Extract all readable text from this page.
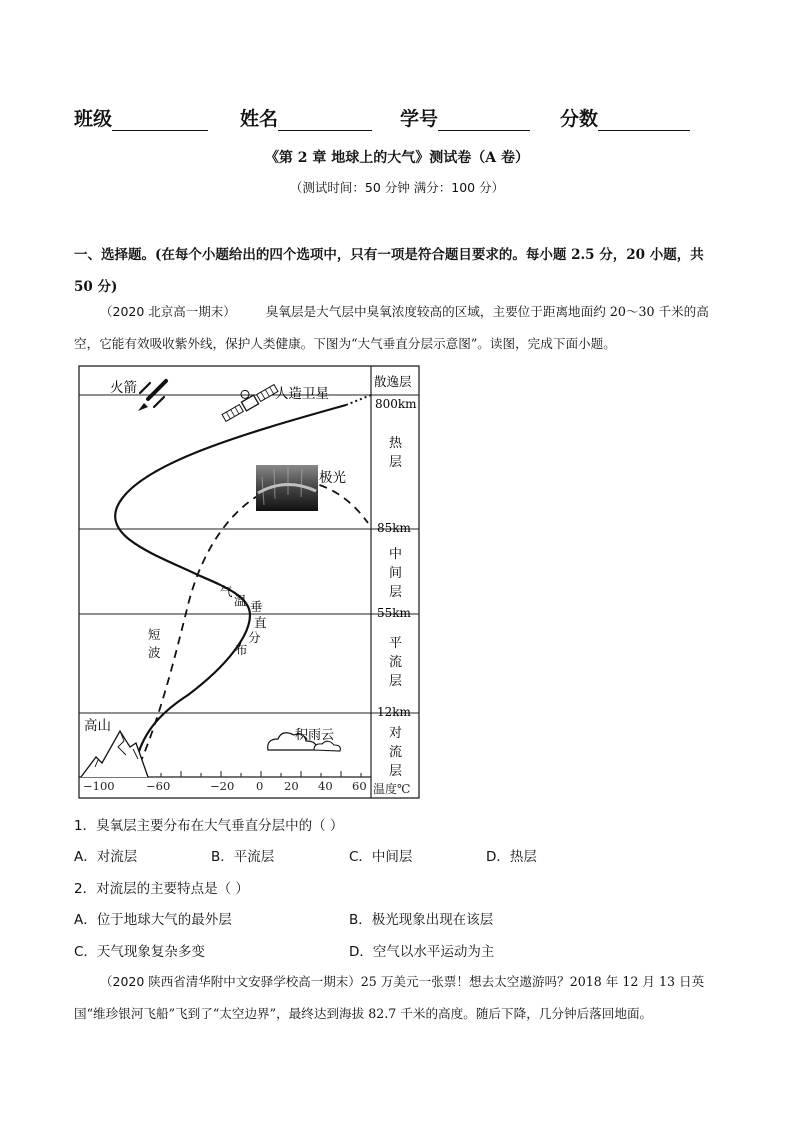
班级	姓名	学号	分数
《第 2 章 地球上的大气》测试卷（A 卷）
（测试时间：50 分钟 满分：100 分）
一、选择题。(在每个小题给出的四个选项中，只有一项是符合题目要求的。每小题 2.5 分，20 小题，共 50 分)
（2020 北京高一期末） 臭氧层是大气层中臭氧浓度较高的区域，主要位于距离地面约 20～30 千米的高空，它能有效吸收紫外线，保护人类健康。下图为“大气垂直分层示意图”。读图，完成下面小题。
−100	−60	−20 0 20 40 60 温度℃
散逸层
800km
热
层
85km
中
间
层
55km
平
流
层
12km
对
流
层
气
温 垂
直
分
布
短
波
火箭	人造卫星
极光
高山
积雨云
1．臭氧层主要分布在大气垂直分层中的（ ）
A．对流层	B．平流层	C．中间层	D．热层
2．对流层的主要特点是（ ）
A．位于地球大气的最外层	B．极光现象出现在该层
C．天气现象复杂多变	D．空气以水平运动为主
（2020 陕西省清华附中文安驿学校高一期末）25 万美元一张票！想去太空遨游吗？2018 年 12 月 13 日英国“维珍银河飞船”飞到了“太空边界”，最终达到海拔 82.7 千米的高度。随后下降，几分钟后落回地面。
